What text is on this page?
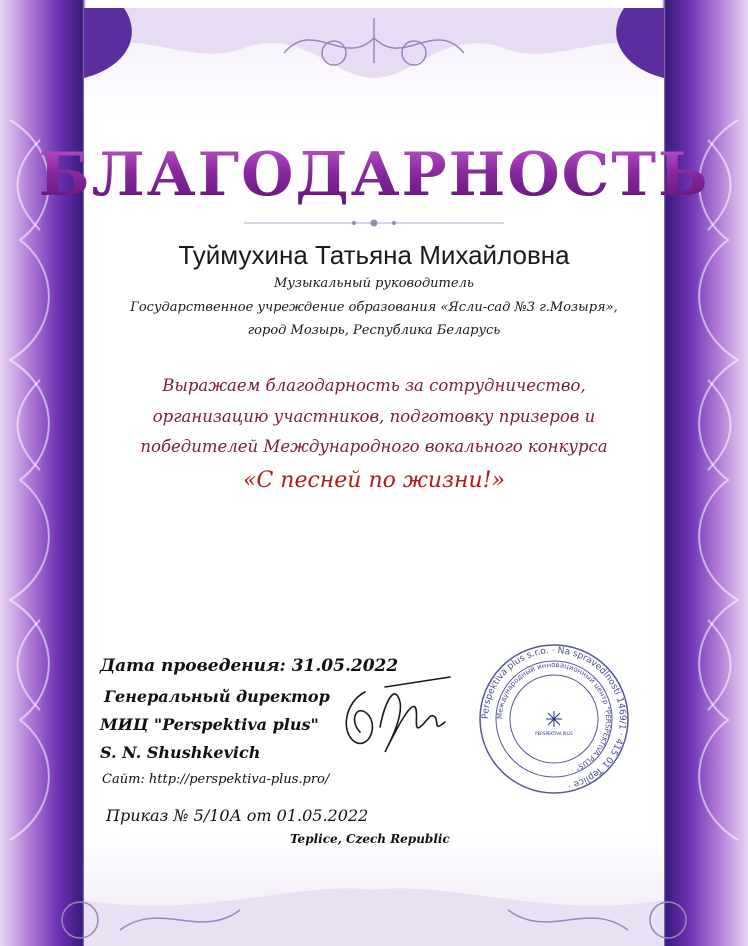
БЛАГОДАРНОСТЬ
Туймухина Татьяна Михайловна
Музыкальный руководитель
Государственное учреждение образования «Ясли-сад №3 г.Мозыря»,
город Мозырь, Республика Беларусь
Выражаем благодарность за сотрудничество,
организацию участников, подготовку призеров и
победителей Международного вокального конкурса
«С песней по жизни!»
Дата проведения: 31.05.2022
Генеральный директор
МИЦ "Perspektiva plus"
S. N. Shushkevich
Сайт: http://perspektiva-plus.pro/
Приказ № 5/10А от 01.05.2022
Teplice, Czech Republic
Perspektiva plus s.r.o. · Na spravedlnosti 1469/1 · 415 01 Teplice ·
Международный инновационный центр "PERSPEKTIVA PLUS" ·
PERSPEKTIVA PLUS
